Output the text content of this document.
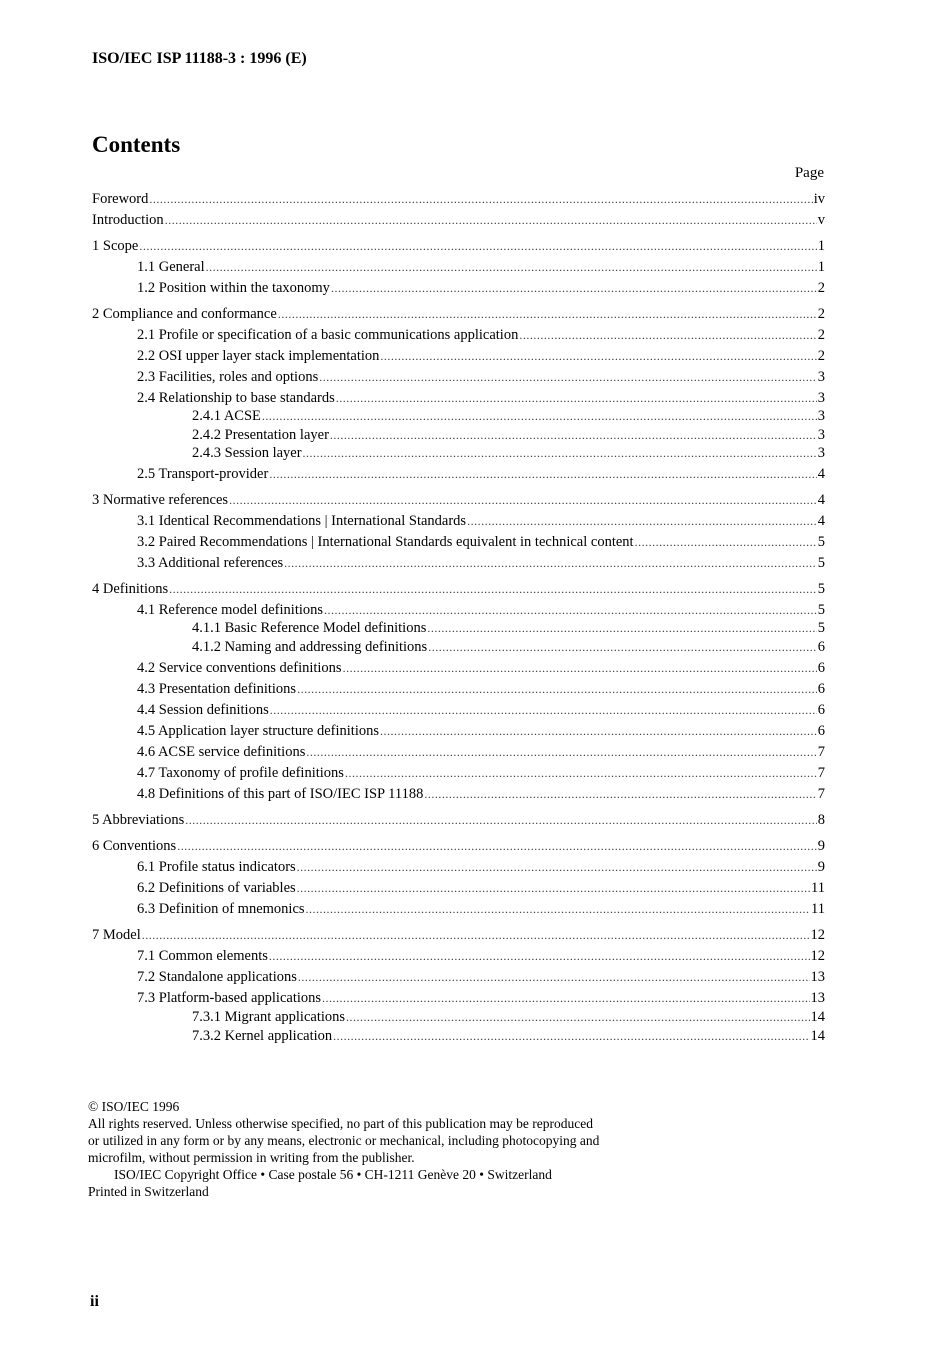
ISO/IEC ISP 11188-3 : 1996 (E)
Contents
Page
Foreword .....	iv
Introduction .....	v
1 Scope .....	1
1.1 General .....	1
1.2 Position within the taxonomy .....	2
2 Compliance and conformance .....	2
2.1 Profile or specification of a basic communications application .....	2
2.2 OSI upper layer stack implementation .....	2
2.3 Facilities, roles and options .....	3
2.4 Relationship to base standards .....	3
2.4.1 ACSE .....	3
2.4.2 Presentation layer .....	3
2.4.3 Session layer .....	3
2.5 Transport-provider .....	4
3 Normative references .....	4
3.1 Identical Recommendations | International Standards .....	4
3.2 Paired Recommendations | International Standards equivalent in technical content .....	5
3.3 Additional references .....	5
4 Definitions .....	5
4.1 Reference model definitions .....	5
4.1.1 Basic Reference Model definitions .....	5
4.1.2 Naming and addressing definitions .....	6
4.2 Service conventions definitions .....	6
4.3 Presentation definitions .....	6
4.4 Session definitions .....	6
4.5 Application layer structure definitions .....	6
4.6 ACSE service definitions .....	7
4.7 Taxonomy of profile definitions .....	7
4.8 Definitions of this part of ISO/IEC ISP 11188 .....	7
5 Abbreviations .....	8
6 Conventions .....	9
6.1 Profile status indicators .....	9
6.2 Definitions of variables .....	11
6.3 Definition of mnemonics .....	11
7 Model .....	12
7.1 Common elements .....	12
7.2 Standalone applications .....	13
7.3 Platform-based applications .....	13
7.3.1 Migrant applications .....	14
7.3.2 Kernel application .....	14

© ISO/IEC 1996

All rights reserved. Unless otherwise specified, no part of this publication may be reproduced

or utilized in any form or by any means, electronic or mechanical, including photocopying and

microfilm, without permission in writing from the publisher.

ISO/IEC Copyright Office • Case postale 56 • CH-1211 Genève 20 • Switzerland

Printed in Switzerland

ii
